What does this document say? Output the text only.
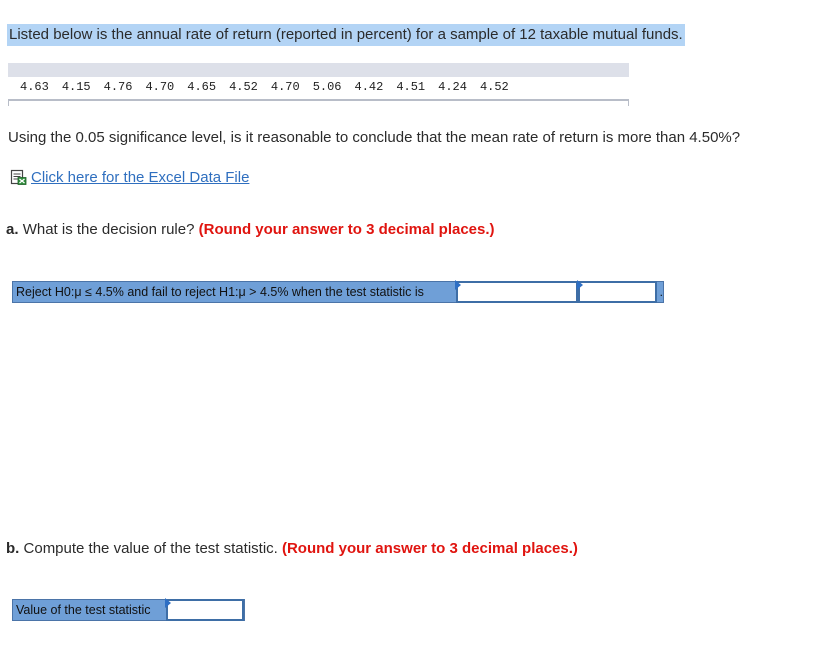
Listed below is the annual rate of return (reported in percent) for a sample of 12 taxable mutual funds.
4.63 4.15 4.76 4.70 4.65 4.52 4.70 5.06 4.42 4.51 4.24 4.52
Using the 0.05 significance level, is it reasonable to conclude that the mean rate of return is more than 4.50%?
Click here for the Excel Data File
a. What is the decision rule? (Round your answer to 3 decimal places.)
Reject H0:μ ≤ 4.5% and fail to reject H1:μ > 4.5% when the test statistic is	.
b. Compute the value of the test statistic. (Round your answer to 3 decimal places.)
Value of the test statistic
